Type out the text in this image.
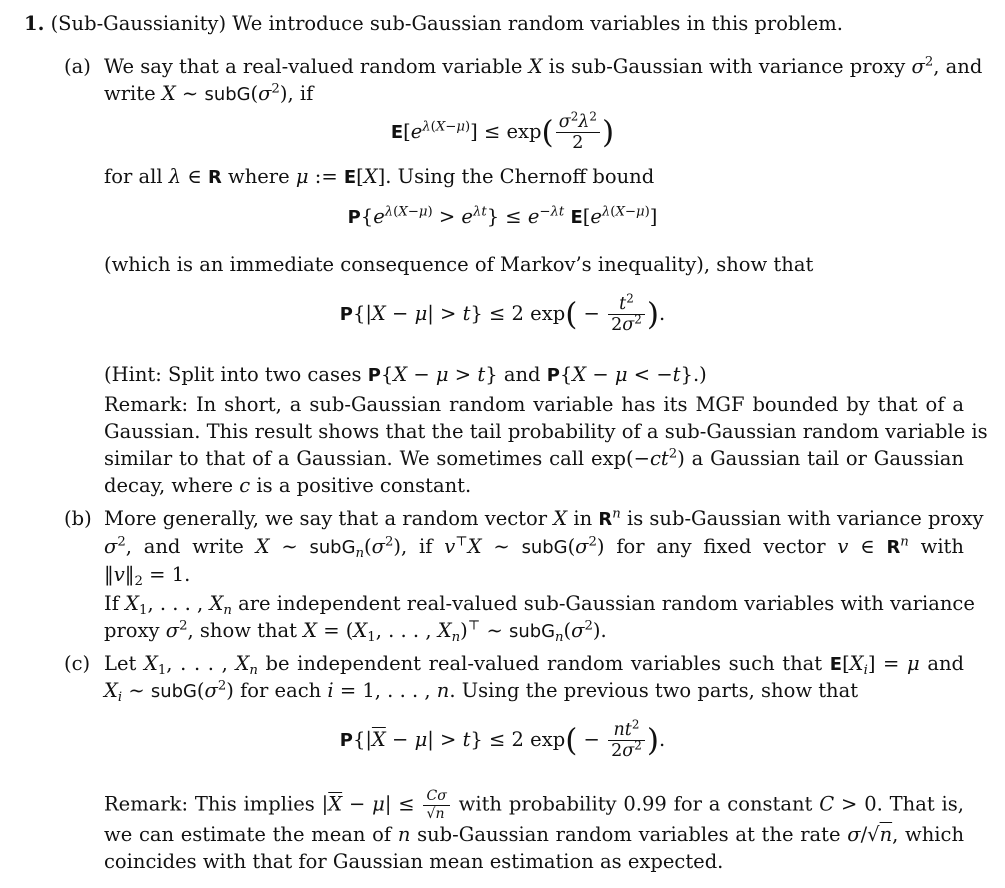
1. (Sub-Gaussianity) We introduce sub-Gaussian random variables in this problem.
(a) We say that a real-valued random variable X is sub-Gaussian with variance proxy $\sigma^2$, and
write X ∼ $subG(\sigma^2)$, if
$E[e^{\lambda(X-\mu)}] \le \exp( \frac{\sigma^2\lambda^2}{2}$ )
for all λ ∈ R where μ := E[X]. Using the Chernoff bound
$P\{e^{\lambda(X-\mu)} > e^{\lambda t}\} \le e^{-\lambda t}$ $E[e^{\lambda(X-\mu)}]$
(which is an immediate consequence of Markov’s inequality), show that
P{|X − μ| > t} ≤ 2 $\exp( - \frac{t^2}{2\sigma^2}$ ).
(Hint: Split into two cases P{X − μ > t} and P{X − μ < −t}.)
Remark: In short, a sub-Gaussian random variable has its MGF bounded by that of a
Gaussian. This result shows that the tail probability of a sub-Gaussian random variable is
similar to that of a Gaussian. We sometimes call $\exp(-ct^2)$ a Gaussian tail or Gaussian
decay, where c is a positive constant.
(b) More generally, we say that a random vector X in $R^n$ is sub-Gaussian with variance proxy
$\sigma^2$, and write X ∼ $subG_n(\sigma^2)$, if v⊤X ∼ $subG(\sigma^2)$ for any fixed vector v ∈ $R^n$ with
$‖v‖_2 = 1$.
If $X_1$, . . . , $X_n$ are independent real-valued sub-Gaussian random variables with variance
proxy $\sigma^2$, show that $X = (X_1$, . . . , $X_n)^⊤$ ∼ $subG_n(\sigma^2)$.
(c) Let $X_1$, . . . , $X_n$ be independent real-valued random variables such that $E[X_i] = \mu$ and
$X_i$ ∼ $subG(\sigma^2)$ for each i = 1, . . . , n. Using the previous two parts, show that
$P\{|\overline{X} - \mu| > t\} \le 2$ $\exp( - \frac{nt^2}{2\sigma^2}$ ).
Remark: This implies $|\overline{X} - \mu| \le \frac{C\sigma}{√n}$ with probability 0.99 for a constant C > 0. That is,
we can estimate the mean of n sub-Gaussian random variables at the rate σ/√n, which
coincides with that for Gaussian mean estimation as expected.
